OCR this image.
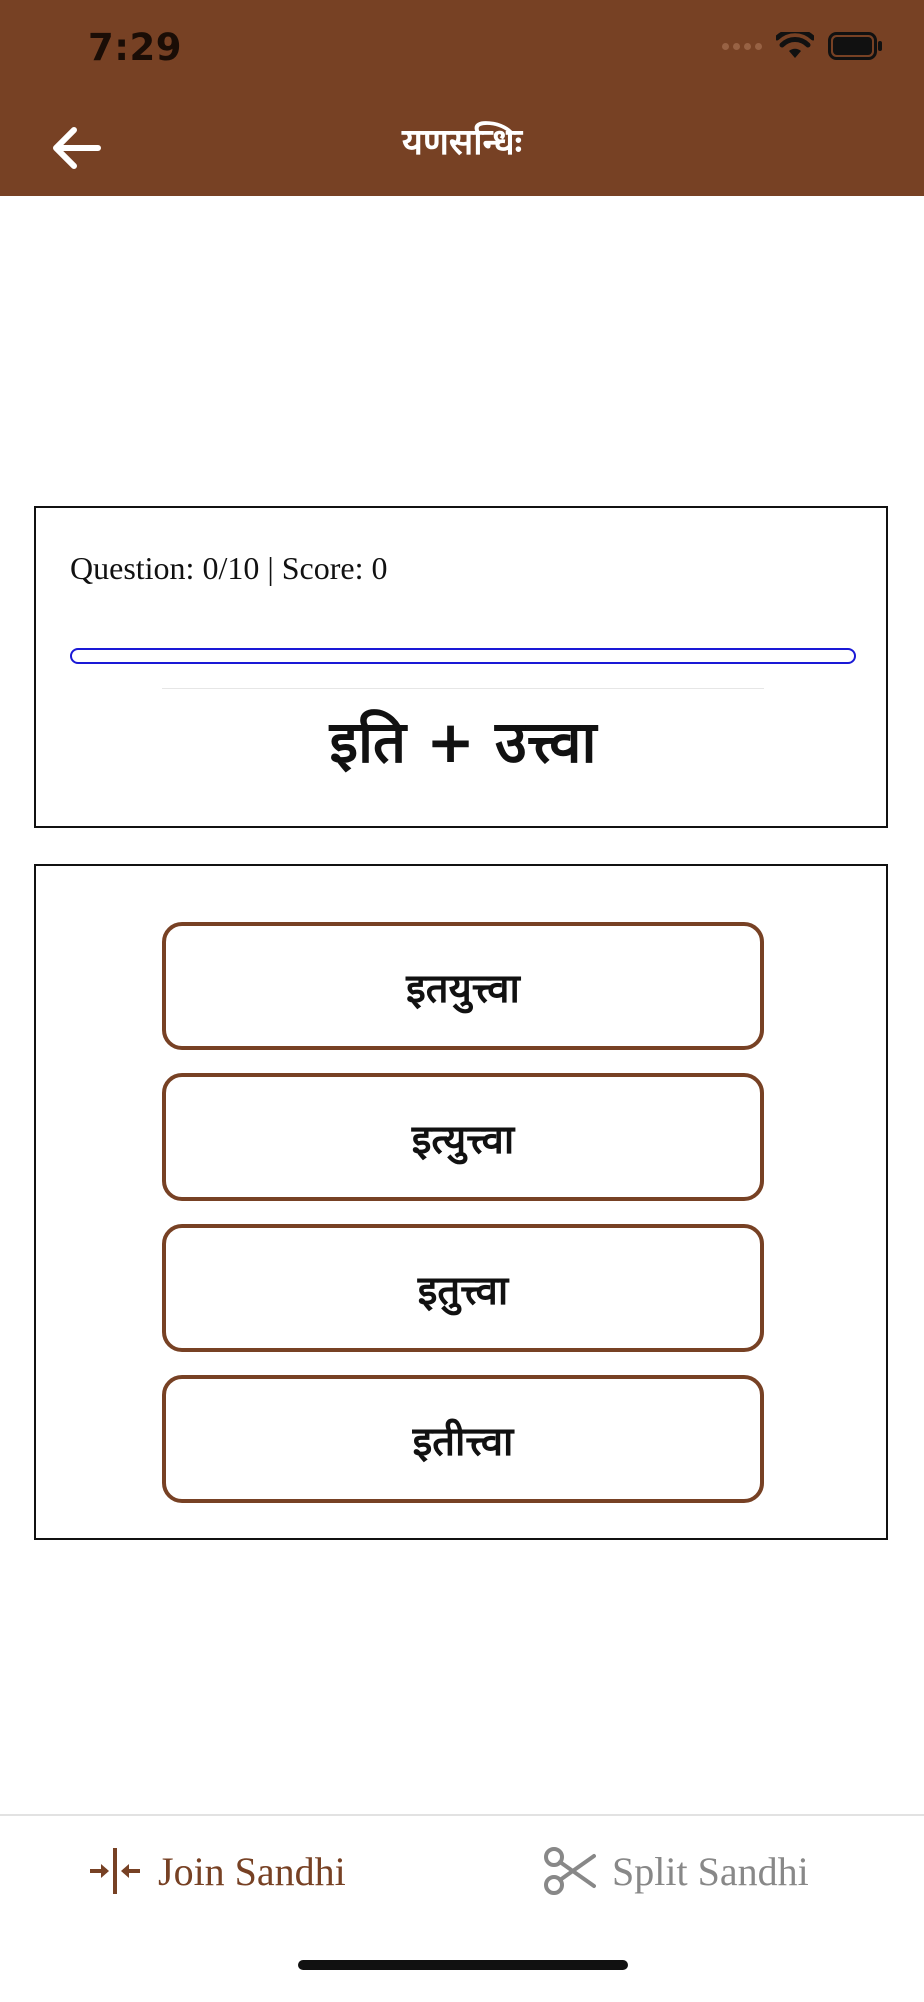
7:29
यणसन्धिः
Question: 0/10 | Score: 0
इति + उत्त्वा
इतयुत्त्वा
इत्युत्त्वा
इतुत्त्वा
इतीत्त्वा
Join Sandhi	Split Sandhi
